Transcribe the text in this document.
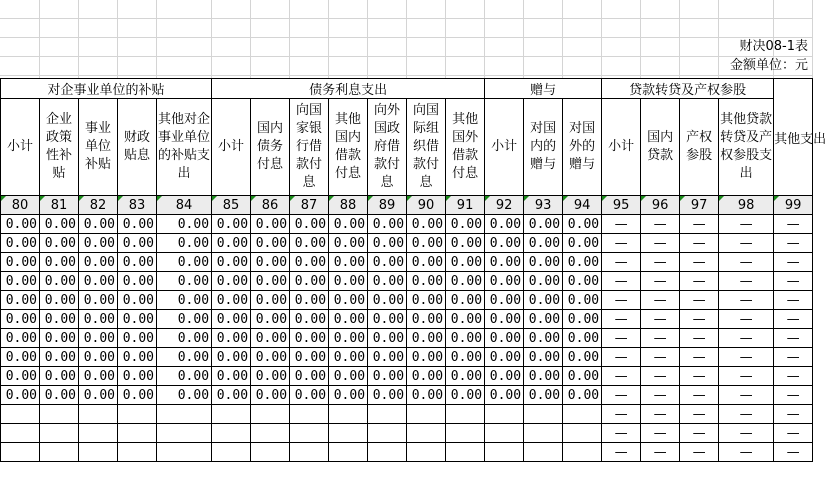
财决08-1表
金额单位：元
对企事业单位的补贴					债务利息支出							赠与			贷款转贷及产权参股				其他支出

小计	企业政策性补贴	事业单位补贴	财政贴息	其他对企事业单位的补贴支出	小计	国内债务付息	向国家银行借款付息	其他国内借款付息	向外国政府借款付息	向国际组织借款付息	其他国外借款付息	小计	对国内的赠与	对国外的赠与	小计	国内贷款	产权参股	其他贷款转贷及产权参股支出	

80	81	82	83	84	85	86	87	88	89	90	91	92	93	94	95	96	97	98	99
0.00	0.00	0.00	0.00	0.00	0.00	0.00	0.00	0.00	0.00	0.00	0.00	0.00	0.00	0.00	—	—	—	—	—
0.00	0.00	0.00	0.00	0.00	0.00	0.00	0.00	0.00	0.00	0.00	0.00	0.00	0.00	0.00	—	—	—	—	—
0.00	0.00	0.00	0.00	0.00	0.00	0.00	0.00	0.00	0.00	0.00	0.00	0.00	0.00	0.00	—	—	—	—	—
0.00	0.00	0.00	0.00	0.00	0.00	0.00	0.00	0.00	0.00	0.00	0.00	0.00	0.00	0.00	—	—	—	—	—
0.00	0.00	0.00	0.00	0.00	0.00	0.00	0.00	0.00	0.00	0.00	0.00	0.00	0.00	0.00	—	—	—	—	—
0.00	0.00	0.00	0.00	0.00	0.00	0.00	0.00	0.00	0.00	0.00	0.00	0.00	0.00	0.00	—	—	—	—	—
0.00	0.00	0.00	0.00	0.00	0.00	0.00	0.00	0.00	0.00	0.00	0.00	0.00	0.00	0.00	—	—	—	—	—
0.00	0.00	0.00	0.00	0.00	0.00	0.00	0.00	0.00	0.00	0.00	0.00	0.00	0.00	0.00	—	—	—	—	—
0.00	0.00	0.00	0.00	0.00	0.00	0.00	0.00	0.00	0.00	0.00	0.00	0.00	0.00	0.00	—	—	—	—	—
0.00	0.00	0.00	0.00	0.00	0.00	0.00	0.00	0.00	0.00	0.00	0.00	0.00	0.00	0.00	—	—	—	—	—
															—	—	—	—	—
															—	—	—	—	—
															—	—	—	—	—
